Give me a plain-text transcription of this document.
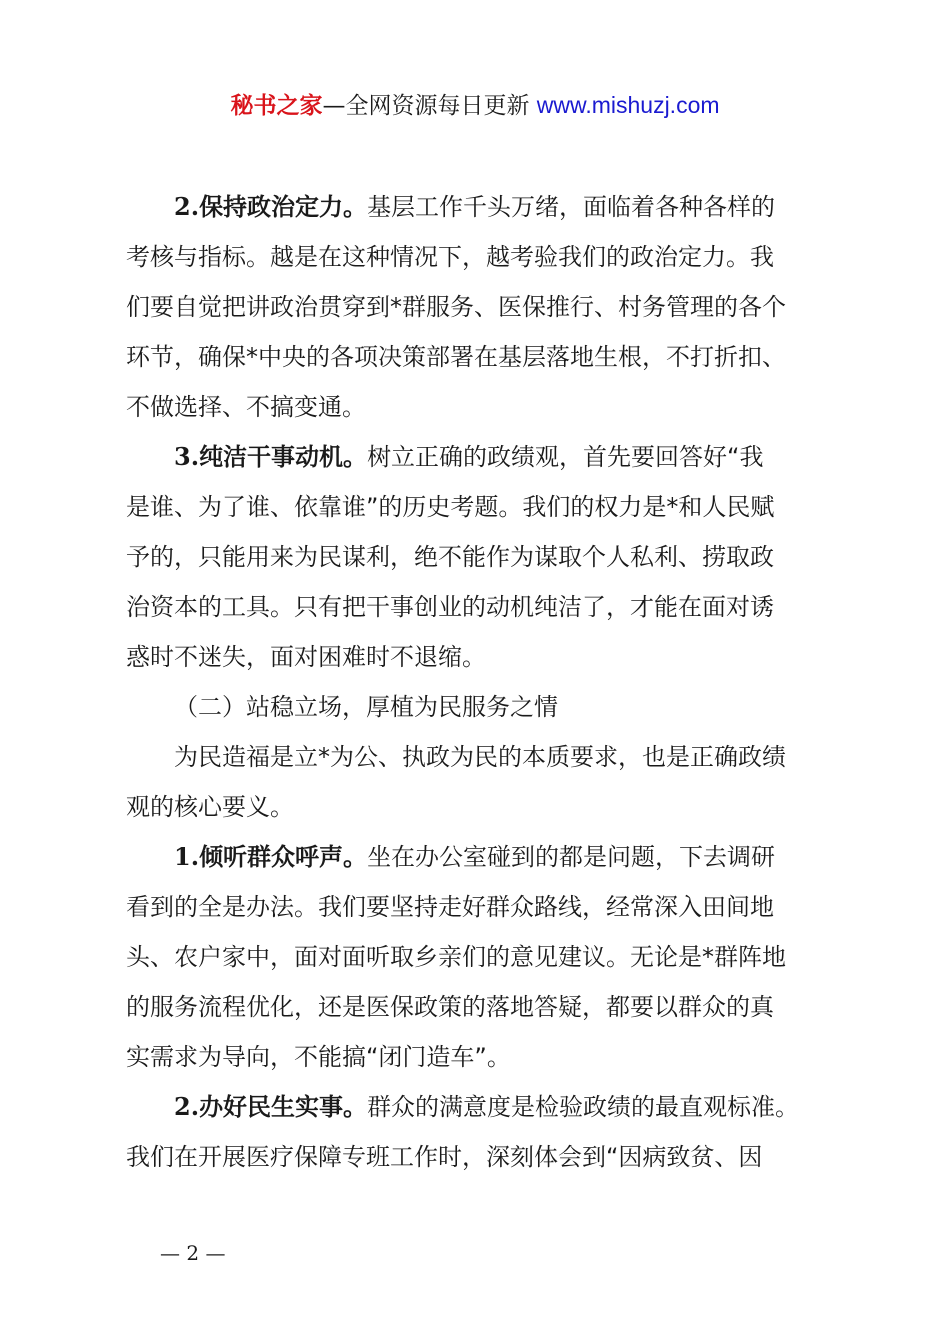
秘书之家—全网资源每日更新 www.mishuzj.com
2.保持政治定力。基层工作千头万绪，面临着各种各样的
考核与指标。越是在这种情况下，越考验我们的政治定力。我
们要自觉把讲政治贯穿到*群服务、医保推行、村务管理的各个
环节，确保*中央的各项决策部署在基层落地生根，不打折扣、
不做选择、不搞变通。
3.纯洁干事动机。树立正确的政绩观，首先要回答好“我
是谁、为了谁、依靠谁”的历史考题。我们的权力是*和人民赋
予的，只能用来为民谋利，绝不能作为谋取个人私利、捞取政
治资本的工具。只有把干事创业的动机纯洁了，才能在面对诱
惑时不迷失，面对困难时不退缩。
（二）站稳立场，厚植为民服务之情
为民造福是立*为公、执政为民的本质要求，也是正确政绩
观的核心要义。
1.倾听群众呼声。坐在办公室碰到的都是问题，下去调研
看到的全是办法。我们要坚持走好群众路线，经常深入田间地
头、农户家中，面对面听取乡亲们的意见建议。无论是*群阵地
的服务流程优化，还是医保政策的落地答疑，都要以群众的真
实需求为导向，不能搞“闭门造车”。
2.办好民生实事。群众的满意度是检验政绩的最直观标准。
我们在开展医疗保障专班工作时，深刻体会到“因病致贫、因
— 2 —
